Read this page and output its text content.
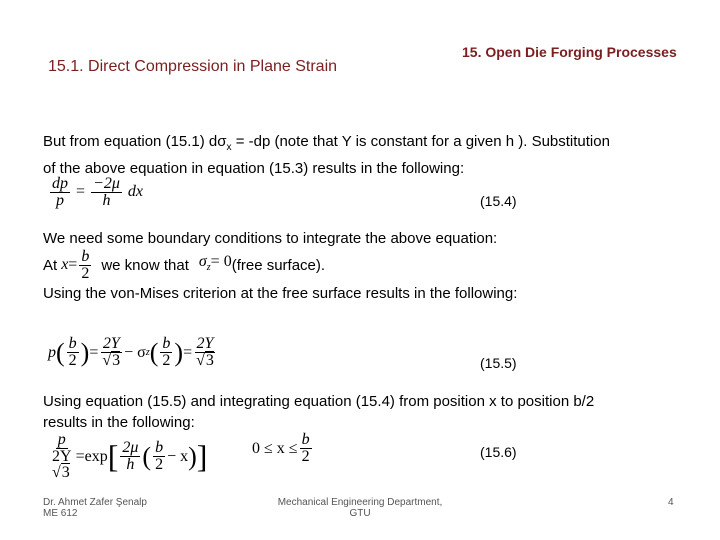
15.1. Direct Compression in Plane Strain
15. Open Die Forging Processes
But from equation (15.1) $d\sigma_x = -dp$ (note that Y is constant for a given h ). Substitution
of the above equation in equation (15.3) results in the following:
$\frac{dp}{p} = \frac{-2\mu}{h}$ dx
(15.4)
We need some boundary conditions to integrate the above equation:
At $x= \frac{b}{2}$ we know that $\sigma_z= 0$ (free surface).
Using the von-Mises criterion at the free surface results in the following:
p ( $\frac{b}{2}$ ) = $\frac{2Y}{√3} - \sigma$ z ( $\frac{b}{2}$ ) = $\frac{2Y}{√3}$	(15.5)
Using equation (15.5) and integrating equation (15.4) from position x to position b/2
results in the following:
p
2Y
√3
= exp [ $\frac{2\mu}{h}$ ( $\frac{b}{2} - x$ ) ]	$0 \le x \le \frac{b}{2}$	(15.6)
Dr. Ahmet Zafer Şenalp
ME 612
Mechanical Engineering Department,
GTU
4
